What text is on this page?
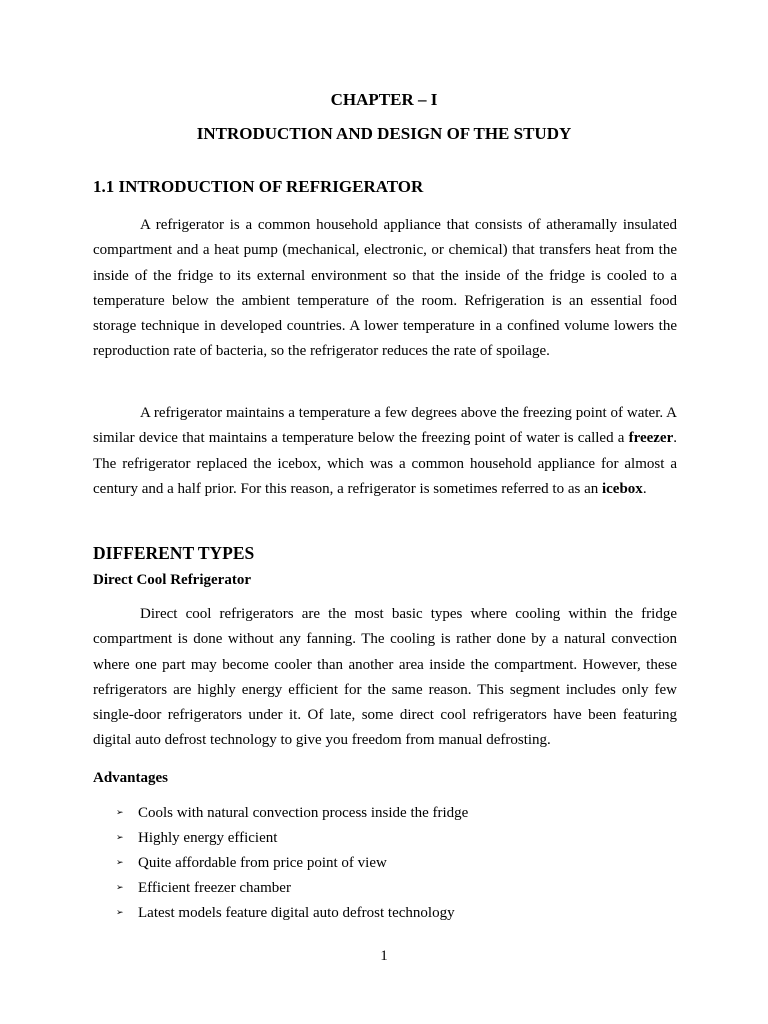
CHAPTER – I
INTRODUCTION AND DESIGN OF THE STUDY
1.1 INTRODUCTION OF REFRIGERATOR

A refrigerator is a common household appliance that consists of atheramally insulated compartment and a heat pump (mechanical, electronic, or chemical) that transfers heat from the inside of the fridge to its external environment so that the inside of the fridge is cooled to a temperature below the ambient temperature of the room. Refrigeration is an essential food storage technique in developed countries. A lower temperature in a confined volume lowers the reproduction rate of bacteria, so the refrigerator reduces the rate of spoilage.

A refrigerator maintains a temperature a few degrees above the freezing point of water. A similar device that maintains a temperature below the freezing point of water is called a freezer. The refrigerator replaced the icebox, which was a common household appliance for almost a century and a half prior. For this reason, a refrigerator is sometimes referred to as an icebox.

DIFFERENT TYPES
Direct Cool Refrigerator

Direct cool refrigerators are the most basic types where cooling within the fridge compartment is done without any fanning. The cooling is rather done by a natural convection where one part may become cooler than another area inside the compartment. However, these refrigerators are highly energy efficient for the same reason. This segment includes only few single-door refrigerators under it. Of late, some direct cool refrigerators have been featuring digital auto defrost technology to give you freedom from manual defrosting.

Advantages
➢ Cools with natural convection process inside the fridge
➢ Highly energy efficient
➢ Quite affordable from price point of view
➢ Efficient freezer chamber
➢ Latest models feature digital auto defrost technology
1
